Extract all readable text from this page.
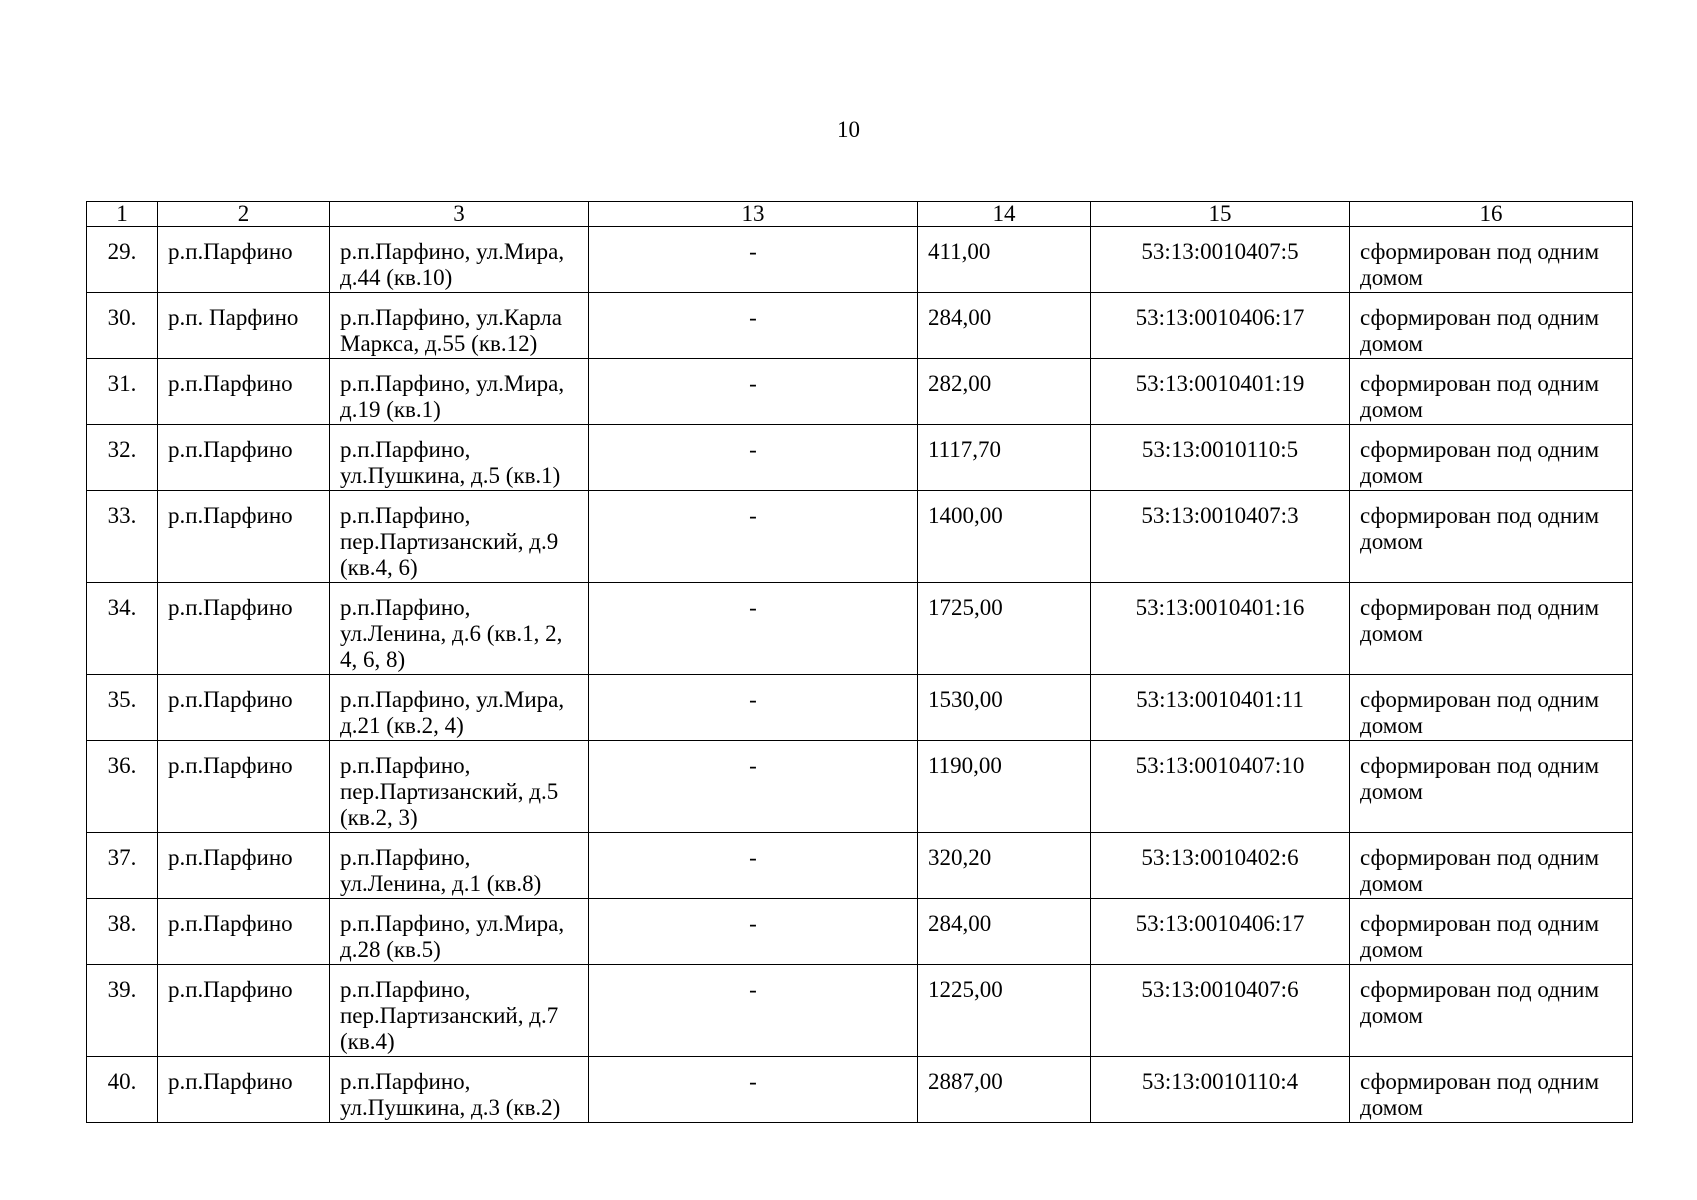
10
1	2	3	13	14	15	16
29.	р.п.Парфино	р.п.Парфино, ул.Мира, д.44 (кв.10)	-	411,00	53:13:0010407:5	сформирован под одним домом
30.	р.п. Парфино	р.п.Парфино, ул.Карла Маркса, д.55 (кв.12)	-	284,00	53:13:0010406:17	сформирован под одним домом
31.	р.п.Парфино	р.п.Парфино, ул.Мира, д.19 (кв.1)	-	282,00	53:13:0010401:19	сформирован под одним домом
32.	р.п.Парфино	р.п.Парфино, ул.Пушкина, д.5 (кв.1)	-	1117,70	53:13:0010110:5	сформирован под одним домом
33.	р.п.Парфино	р.п.Парфино, пер.Партизанский, д.9 (кв.4, 6)	-	1400,00	53:13:0010407:3	сформирован под одним домом
34.	р.п.Парфино	р.п.Парфино, ул.Ленина, д.6 (кв.1, 2, 4, 6, 8)	-	1725,00	53:13:0010401:16	сформирован под одним домом
35.	р.п.Парфино	р.п.Парфино, ул.Мира, д.21 (кв.2, 4)	-	1530,00	53:13:0010401:11	сформирован под одним домом
36.	р.п.Парфино	р.п.Парфино, пер.Партизанский, д.5 (кв.2, 3)	-	1190,00	53:13:0010407:10	сформирован под одним домом
37.	р.п.Парфино	р.п.Парфино, ул.Ленина, д.1 (кв.8)	-	320,20	53:13:0010402:6	сформирован под одним домом
38.	р.п.Парфино	р.п.Парфино, ул.Мира, д.28 (кв.5)	-	284,00	53:13:0010406:17	сформирован под одним домом
39.	р.п.Парфино	р.п.Парфино, пер.Партизанский, д.7 (кв.4)	-	1225,00	53:13:0010407:6	сформирован под одним домом
40.	р.п.Парфино	р.п.Парфино, ул.Пушкина, д.3 (кв.2)	-	2887,00	53:13:0010110:4	сформирован под одним домом
